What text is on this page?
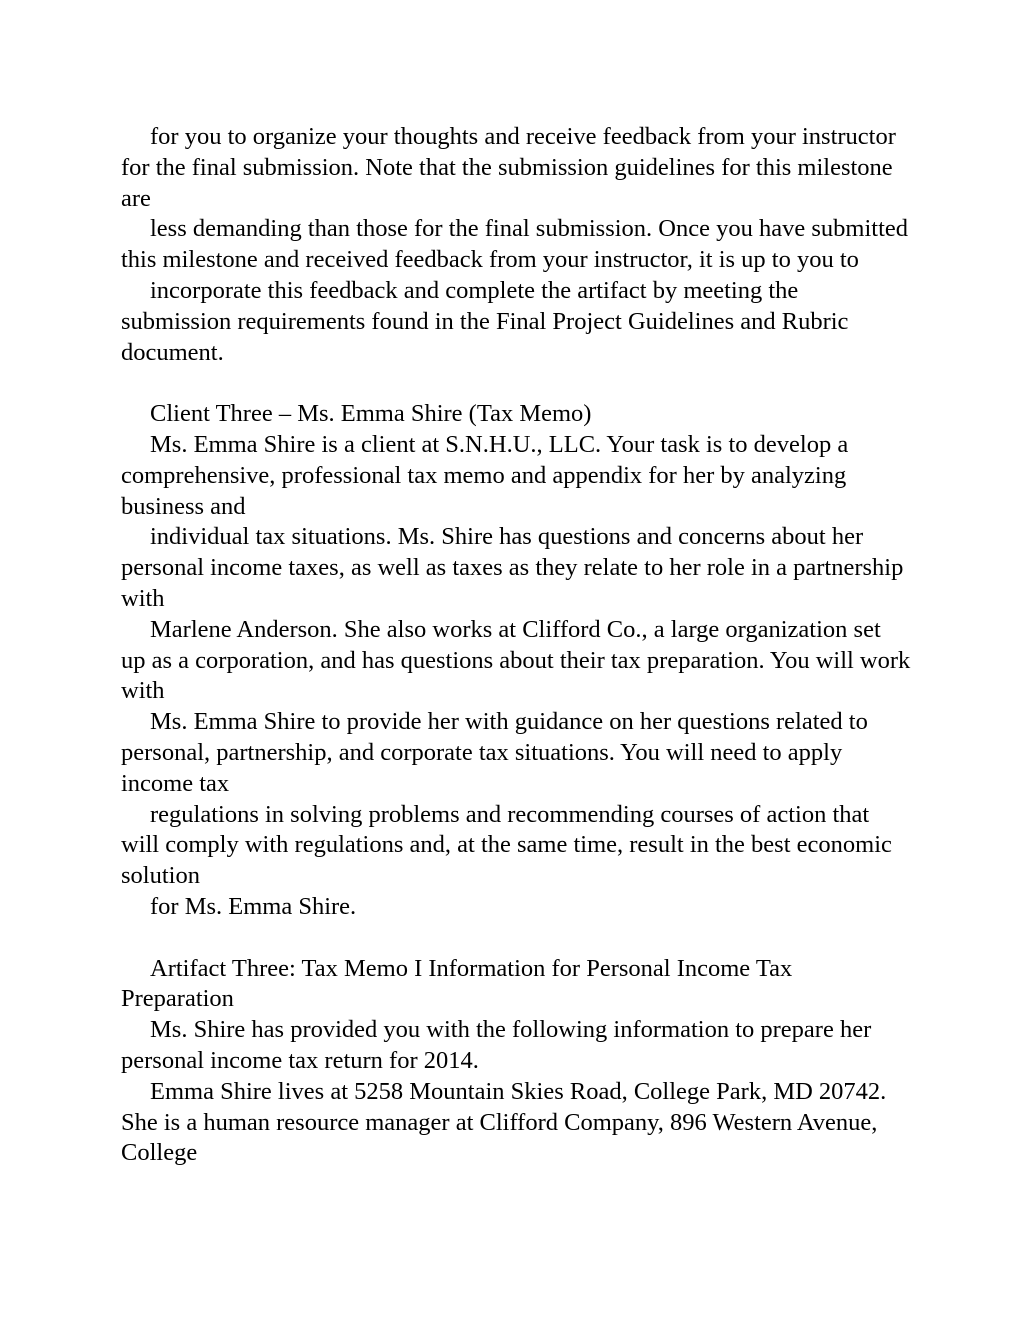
for you to organize your thoughts and receive feedback from your instructor for the final submission. Note that the submission guidelines for this milestone are

less demanding than those for the final submission. Once you have submitted this milestone and received feedback from your instructor, it is up to you to

incorporate this feedback and complete the artifact by meeting the submission requirements found in the Final Project Guidelines and Rubric document.

Client Three – Ms. Emma Shire (Tax Memo)

Ms. Emma Shire is a client at S.N.H.U., LLC. Your task is to develop a comprehensive, professional tax memo and appendix for her by analyzing business and

individual tax situations. Ms. Shire has questions and concerns about her personal income taxes, as well as taxes as they relate to her role in a partnership with

Marlene Anderson. She also works at Clifford Co., a large organization set up as a corporation, and has questions about their tax preparation. You will work with

Ms. Emma Shire to provide her with guidance on her questions related to personal, partnership, and corporate tax situations. You will need to apply income tax

regulations in solving problems and recommending courses of action that will comply with regulations and, at the same time, result in the best economic solution

for Ms. Emma Shire.

Artifact Three: Tax Memo I Information for Personal Income Tax Preparation

Ms. Shire has provided you with the following information to prepare her personal income tax return for 2014.

Emma Shire lives at 5258 Mountain Skies Road, College Park, MD 20742. She is a human resource manager at Clifford Company, 896 Western Avenue, College
